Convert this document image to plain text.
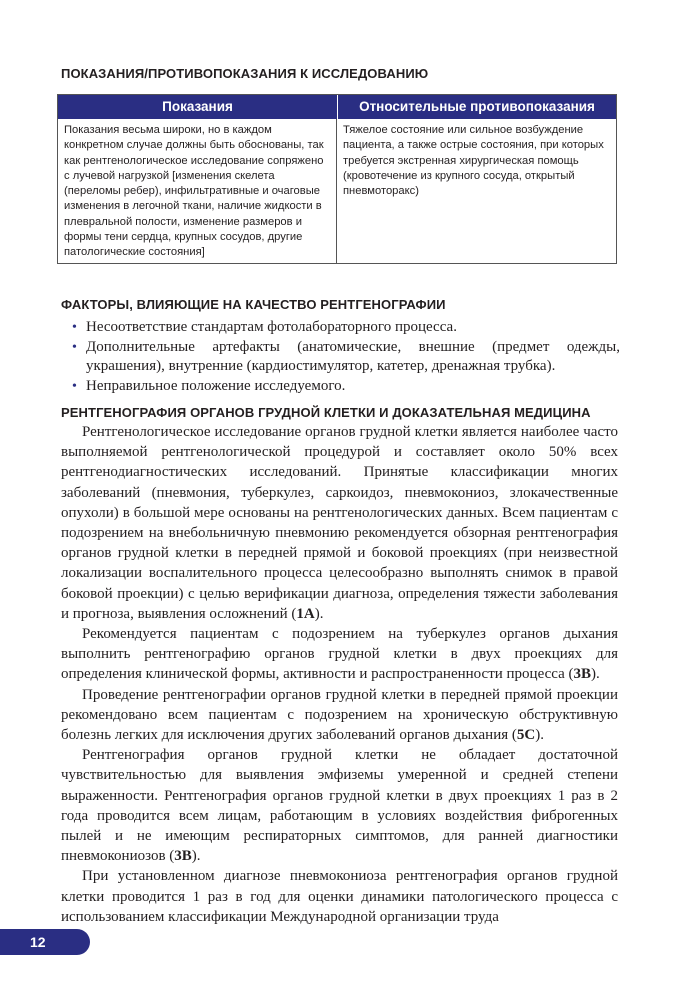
ПОКАЗАНИЯ/ПРОТИВОПОКАЗАНИЯ К ИССЛЕДОВАНИЮ
Показания	Относительные противопоказания
Показания весьма широки, но в каждом конкретном случае должны быть обоснованы, так как рентгенологическое исследование сопряжено с лучевой нагрузкой [изменения скелета (переломы ребер), инфильтративные и очаговые изменения в легочной ткани, наличие жидкости в плевральной полости, изменение размеров и формы тени сердца, крупных сосудов, другие патологические состояния]
Тяжелое состояние или сильное возбуждение пациента, а также острые состояния, при которых требуется экстренная хирургическая помощь (кровотечение из крупного сосуда, открытый пневмоторакс)
ФАКТОРЫ, ВЛИЯЮЩИЕ НА КАЧЕСТВО РЕНТГЕНОГРАФИИ
• Несоответствие стандартам фотолабораторного процесса.
• Дополнительные артефакты (анатомические, внешние (предмет одежды, украшения), внутренние (кардиостимулятор, катетер, дренажная трубка).
• Неправильное положение исследуемого.
РЕНТГЕНОГРАФИЯ ОРГАНОВ ГРУДНОЙ КЛЕТКИ И ДОКАЗАТЕЛЬНАЯ МЕДИЦИНА

Рентгенологическое исследование органов грудной клетки является наиболее часто выполняемой рентгенологической процедурой и составляет около 50% всех рентгенодиагностических исследований. Принятые классификации многих заболеваний (пневмония, туберкулез, саркоидоз, пневмокониоз, злокачественные опухоли) в большой мере основаны на рентгенологических данных. Всем пациентам с подозрением на внебольничную пневмонию рекомендуется обзорная рентгенография органов грудной клетки в передней прямой и боковой проекциях (при неизвестной локализации воспалительного процесса целесообразно выполнять снимок в правой боковой проекции) с целью верификации диагноза, определения тяжести заболевания и прогноза, выявления осложнений (1А).

Рекомендуется пациентам с подозрением на туберкулез органов дыхания выполнить рентгенографию органов грудной клетки в двух проекциях для определения клинической формы, активности и распространенности процесса (3В).

Проведение рентгенографии органов грудной клетки в передней прямой проекции рекомендовано всем пациентам с подозрением на хроническую обструктивную болезнь легких для исключения других заболеваний органов дыхания (5С).

Рентгенография органов грудной клетки не обладает достаточной чувствительностью для выявления эмфиземы умеренной и средней степени выраженности. Рентгенография органов грудной клетки в двух проекциях 1 раз в 2 года проводится всем лицам, работающим в условиях воздействия фиброгенных пылей и не имеющим респираторных симптомов, для ранней диагностики пневмокониозов (3В).

При установленном диагнозе пневмокониоза рентгенография органов грудной клетки проводится 1 раз в год для оценки динамики патологического процесса с использованием классификации Международной организации труда

12
